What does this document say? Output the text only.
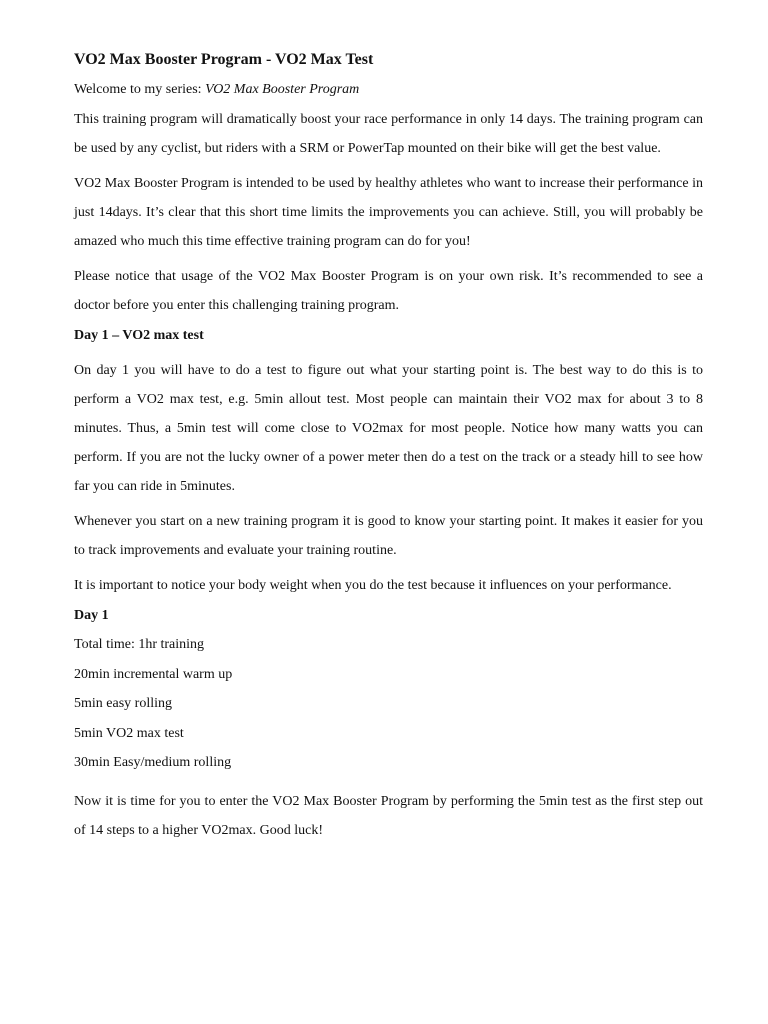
VO2 Max Booster Program - VO2 Max Test

Welcome to my series: VO2 Max Booster Program

This training program will dramatically boost your race performance in only 14 days. The training program can be used by any cyclist, but riders with a SRM or PowerTap mounted on their bike will get the best value.

VO2 Max Booster Program is intended to be used by healthy athletes who want to increase their performance in just 14days. It’s clear that this short time limits the improvements you can achieve. Still, you will probably be amazed who much this time effective training program can do for you!

Please notice that usage of the VO2 Max Booster Program is on your own risk. It’s recommended to see a doctor before you enter this challenging training program.

Day 1 – VO2 max test

On day 1 you will have to do a test to figure out what your starting point is. The best way to do this is to perform a VO2 max test, e.g. 5min allout test. Most people can maintain their VO2 max for about 3 to 8 minutes. Thus, a 5min test will come close to VO2max for most people. Notice how many watts you can perform. If you are not the lucky owner of a power meter then do a test on the track or a steady hill to see how far you can ride in 5minutes.

Whenever you start on a new training program it is good to know your starting point. It makes it easier for you to track improvements and evaluate your training routine.

It is important to notice your body weight when you do the test because it influences on your performance.

Day 1

Total time: 1hr training
20min incremental warm up
5min easy rolling
5min VO2 max test
30min Easy/medium rolling

Now it is time for you to enter the VO2 Max Booster Program by performing the 5min test as the first step out of 14 steps to a higher VO2max. Good luck!
